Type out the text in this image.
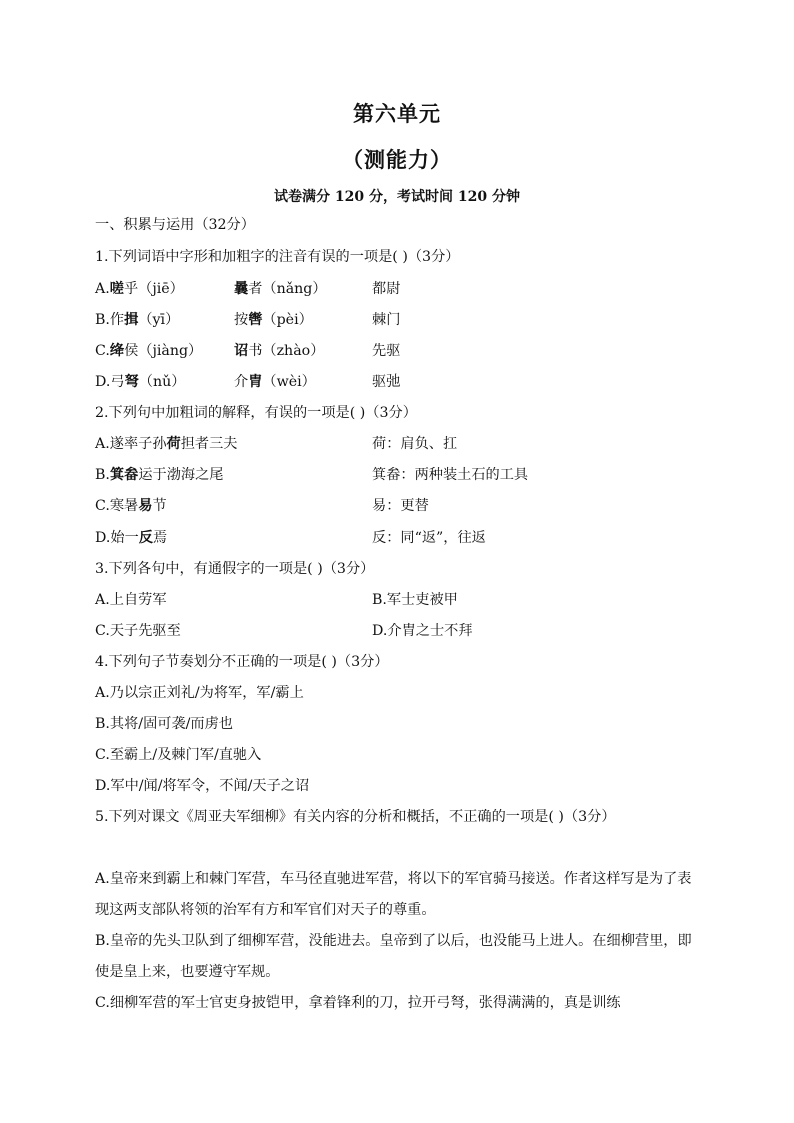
第六单元
（测能力）
试卷满分 120 分，考试时间 120 分钟
一、积累与运用（32分）
1.下列词语中字形和加粗字的注音有误的一项是( )（3分）
A.嗟乎（jiē）	曩者（nǎng）	都尉
B.作揖（yī）	按辔（pèi）	棘门
C.绛侯（jiàng） 诏书（zhào）	先驱
D.弓弩（nǔ）	介胄（wèi）	驱弛
2.下列句中加粗词的解释，有误的一项是( )（3分）
A.遂率子孙荷担者三夫	荷：肩负、扛
B.箕畚运于渤海之尾	箕畚：两种装土石的工具
C.寒暑易节	易：更替
D.始一反焉	反：同“返”，往返
3.下列各句中，有通假字的一项是( )（3分）
A.上自劳军	B.军士吏被甲
C.天子先驱至	D.介胄之士不拜
4.下列句子节奏划分不正确的一项是( )（3分）
A.乃以宗正刘礼/为将军，军/霸上
B.其将/固可袭/而虏也
C.至霸上/及棘门军/直驰入
D.军中/闻/将军令，不闻/天子之诏
5.下列对课文《周亚夫军细柳》有关内容的分析和概括，不正确的一项是( )（3分）
A.皇帝来到霸上和棘门军营，车马径直驰进军营，将以下的军官骑马接送。作者这样写是为了表现这两支部队将领的治军有方和军官们对天子的尊重。
B.皇帝的先头卫队到了细柳军营，没能进去。皇帝到了以后，也没能马上进人。在细柳营里，即使是皇上来，也要遵守军规。
C.细柳军营的军士官吏身披铠甲，拿着锋利的刀，拉开弓弩，张得满满的，真是训练
